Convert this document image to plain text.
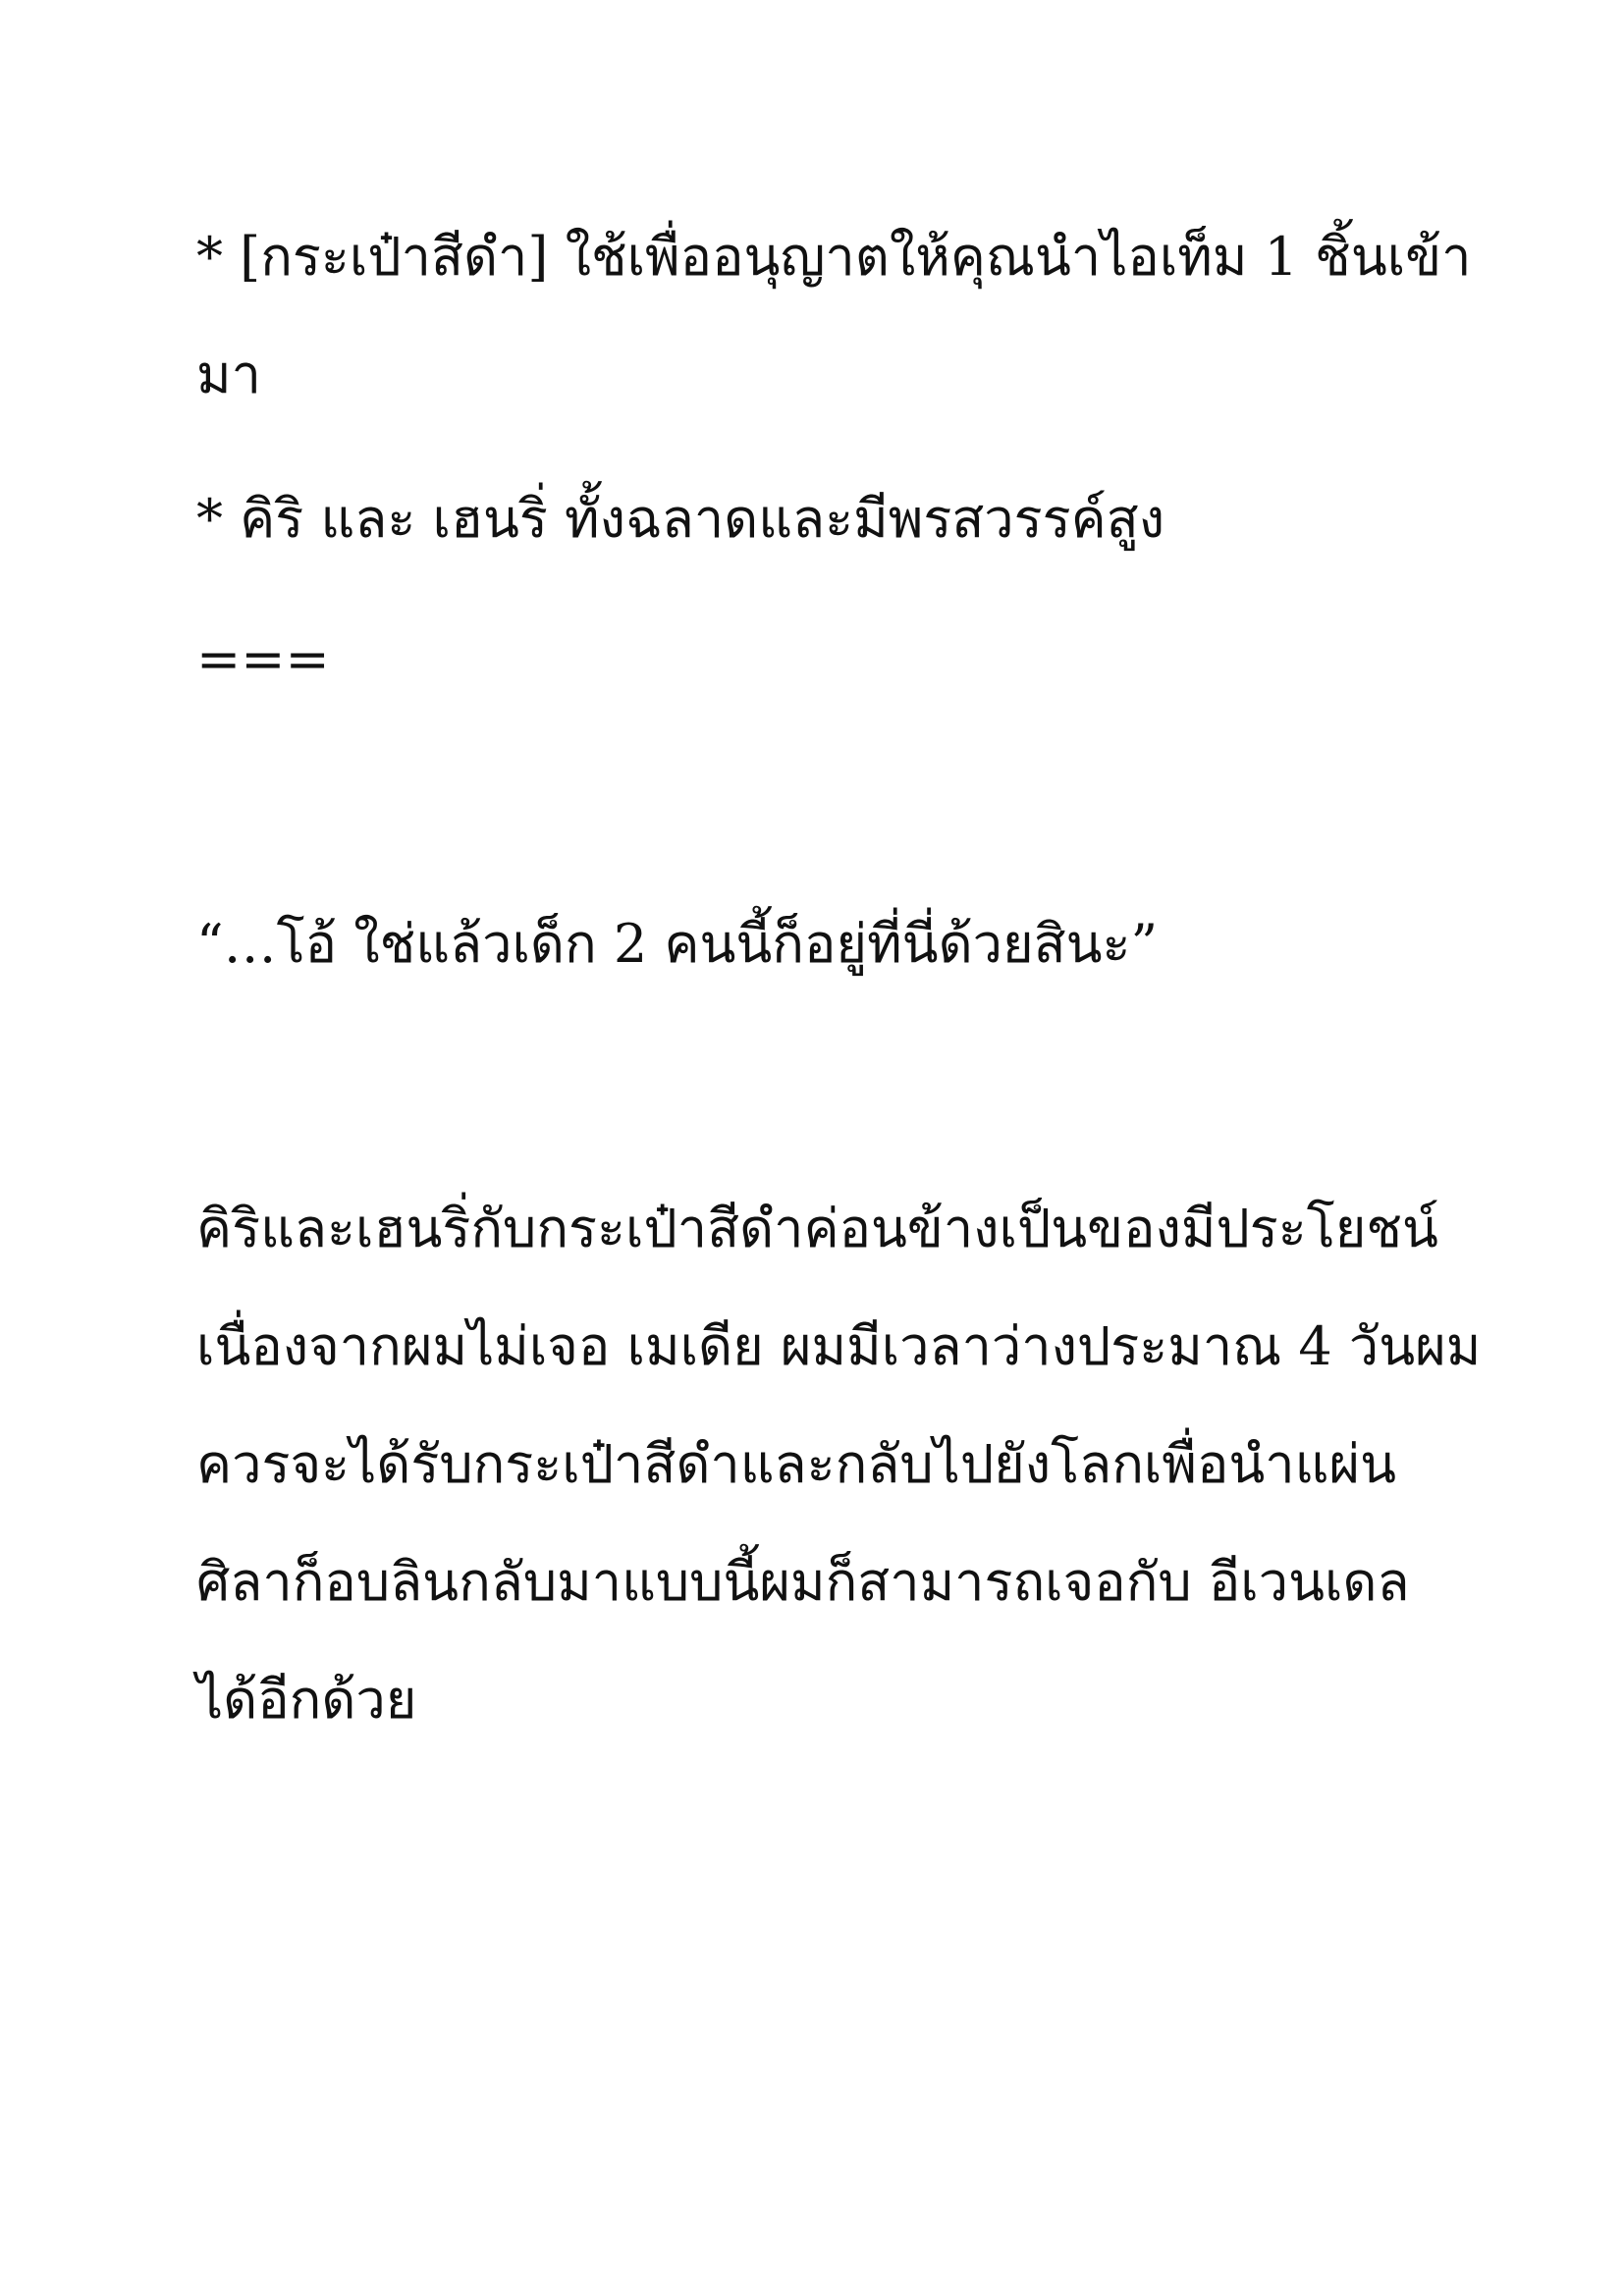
* [กระเป๋าสีดำ] ใช้เพื่ออนุญาตให้คุณนำไอเท็ม 1 ชิ้นเข้า
มา
* คิริ และ เฮนริ่ ทั้งฉลาดและมีพรสวรรค์สูง
===
“…โอ้ ใช่แล้วเด็ก 2 คนนี้ก็อยู่ที่นี่ด้วยสินะ”
คิริและเฮนริ่กับกระเป๋าสีดำค่อนข้างเป็นของมีประโยชน์
เนื่องจากผมไม่เจอ เมเดีย ผมมีเวลาว่างประมาณ 4 วันผม
ควรจะได้รับกระเป๋าสีดำและกลับไปยังโลกเพื่อนำแผ่น
ศิลาก็อบลินกลับมาแบบนี้ผมก็สามารถเจอกับ อีเวนเดล
ได้อีกด้วย
